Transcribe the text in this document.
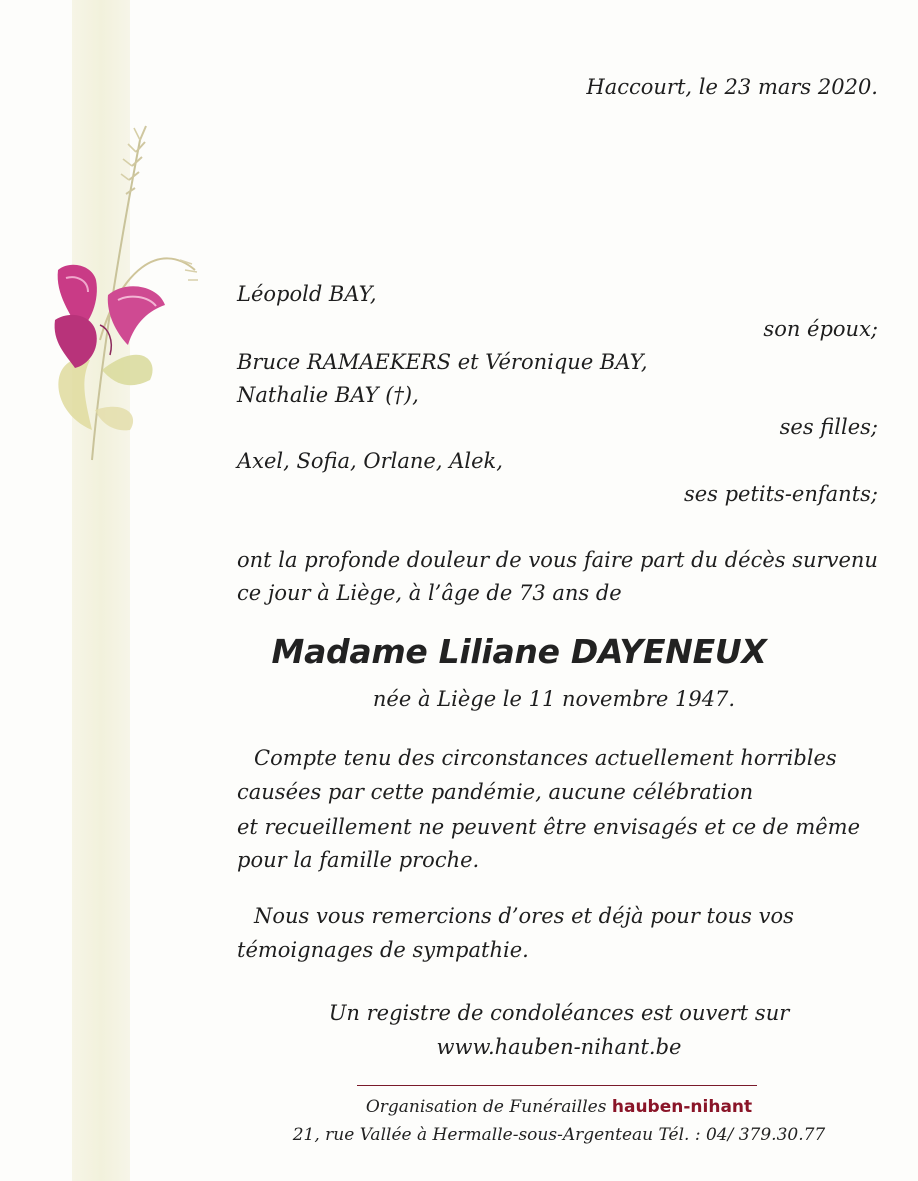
Haccourt, le 23 mars 2020.

Léopold BAY,

son époux;

Bruce RAMAEKERS et Véronique BAY,

Nathalie BAY (†),

ses filles;

Axel, Sofia, Orlane, Alek,

ses petits-enfants;

ont la profonde douleur de vous faire part du décès survenu

ce jour à Liège, à l’âge de 73 ans de

Madame Liliane DAYENEUX

née à Liège le 11 novembre 1947.

Compte tenu des circonstances actuellement horribles

causées par cette pandémie, aucune célébration

et recueillement ne peuvent être envisagés et ce de même

pour la famille proche.

Nous vous remercions d’ores et déjà pour tous vos

témoignages de sympathie.

Un registre de condoléances est ouvert sur

www.hauben-nihant.be

Organisation de Funérailles hauben-nihant
21, rue Vallée à Hermalle-sous-Argenteau Tél. : 04/ 379.30.77
